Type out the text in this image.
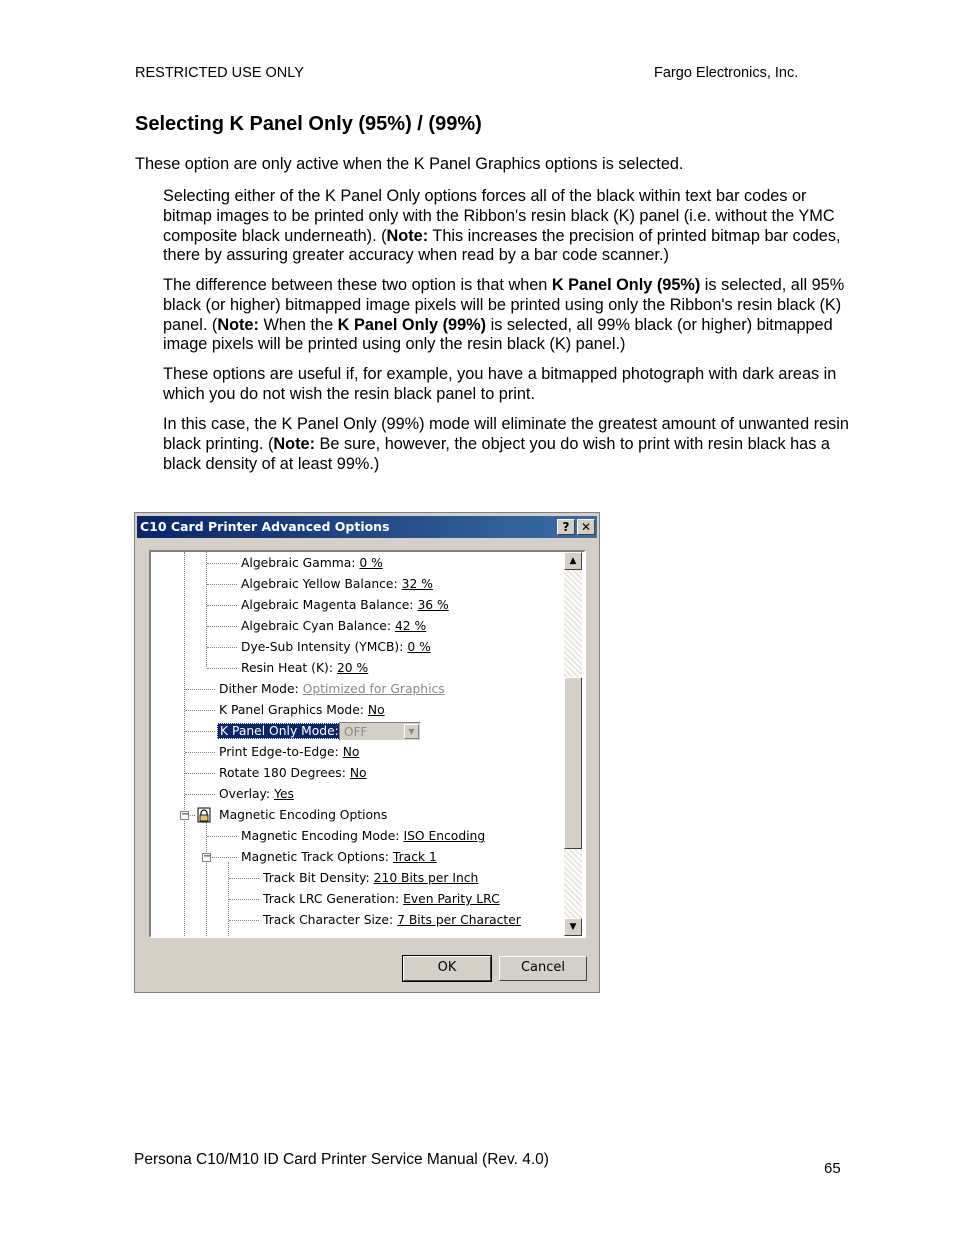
RESTRICTED USE ONLY	Fargo Electronics, Inc.
Selecting K Panel Only (95%) / (99%)

These option are only active when the K Panel Graphics options is selected.

Selecting either of the K Panel Only options forces all of the black within text bar codes or bitmap images to be printed only with the Ribbon's resin black (K) panel (i.e. without the YMC composite black underneath). (Note: This increases the precision of printed bitmap bar codes, there by assuring greater accuracy when read by a bar code scanner.)

The difference between these two option is that when K Panel Only (95%) is selected, all 95% black (or higher) bitmapped image pixels will be printed using only the Ribbon's resin black (K) panel. (Note: When the K Panel Only (99%) is selected, all 99% black (or higher) bitmapped image pixels will be printed using only the resin black (K) panel.)

These options are useful if, for example, you have a bitmapped photograph with dark areas in which you do not wish the resin black panel to print.

In this case, the K Panel Only (99%) mode will eliminate the greatest amount of unwanted resin black printing. (Note: Be sure, however, the object you do wish to print with resin black has a black density of at least 99%.)

C10 Card Printer Advanced Options	? ✕
Algebraic Gamma: 0 %
Algebraic Yellow Balance: 32 %
Algebraic Magenta Balance: 36 %
Algebraic Cyan Balance: 42 %
Dye-Sub Intensity (YMCB): 0 %
Resin Heat (K): 20 %
Dither Mode: Optimized for Graphics
K Panel Graphics Mode: No
K Panel Only Mode: OFF	▼
Print Edge-to-Edge: No
Rotate 180 Degrees: No
Overlay: Yes
− Magnetic Encoding Options
Magnetic Encoding Mode: ISO Encoding
− Magnetic Track Options: Track 1
Track Bit Density: 210 Bits per Inch
Track LRC Generation: Even Parity LRC
Track Character Size: 7 Bits per Character
▲
▼
OK	Cancel
Persona C10/M10 ID Card Printer Service Manual (Rev. 4.0)
65
